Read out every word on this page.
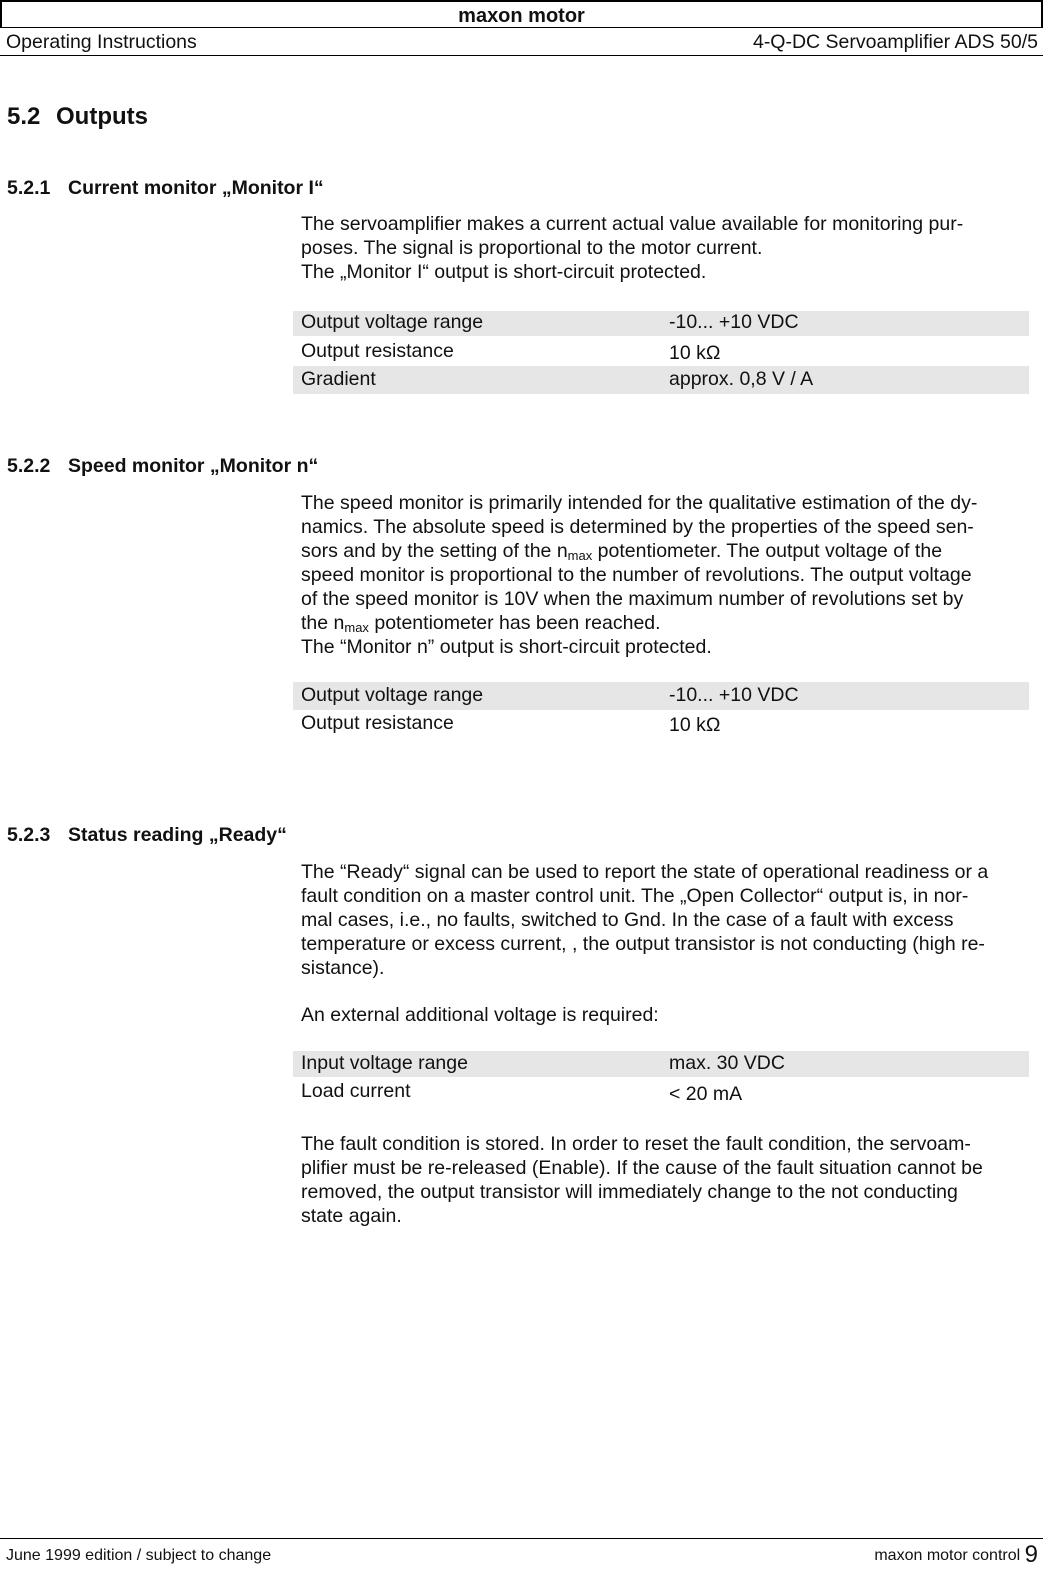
maxon motor
Operating Instructions	4-Q-DC Servoamplifier ADS 50/5
5.2 Outputs
5.2.1 Current monitor „Monitor I“

The servoamplifier makes a current actual value available for monitoring pur-

poses. The signal is proportional to the motor current.

The „Monitor I“ output is short-circuit protected.

Output voltage range	-10... +10 VDC
Output resistance	10 kΩ
Gradient	approx. 0,8 V / A
5.2.2 Speed monitor „Monitor n“

The speed monitor is primarily intended for the qualitative estimation of the dy-

namics. The absolute speed is determined by the properties of the speed sen-

sors and by the setting of the $n_{max}$ potentiometer. The output voltage of the

speed monitor is proportional to the number of revolutions. The output voltage

of the speed monitor is 10V when the maximum number of revolutions set by

the $n_{max}$ potentiometer has been reached.

The “Monitor n” output is short-circuit protected.

Output voltage range	-10... +10 VDC
Output resistance	10 kΩ
5.2.3 Status reading „Ready“

The “Ready“ signal can be used to report the state of operational readiness or a

fault condition on a master control unit. The „Open Collector“ output is, in nor-

mal cases, i.e., no faults, switched to Gnd. In the case of a fault with excess

temperature or excess current, , the output transistor is not conducting (high re-

sistance).

An external additional voltage is required:
Input voltage range	max. 30 VDC
Load current	< 20 mA

The fault condition is stored. In order to reset the fault condition, the servoam-

plifier must be re-released (Enable). If the cause of the fault situation cannot be

removed, the output transistor will immediately change to the not conducting

state again.

June 1999 edition / subject to change	maxon motor control 9
